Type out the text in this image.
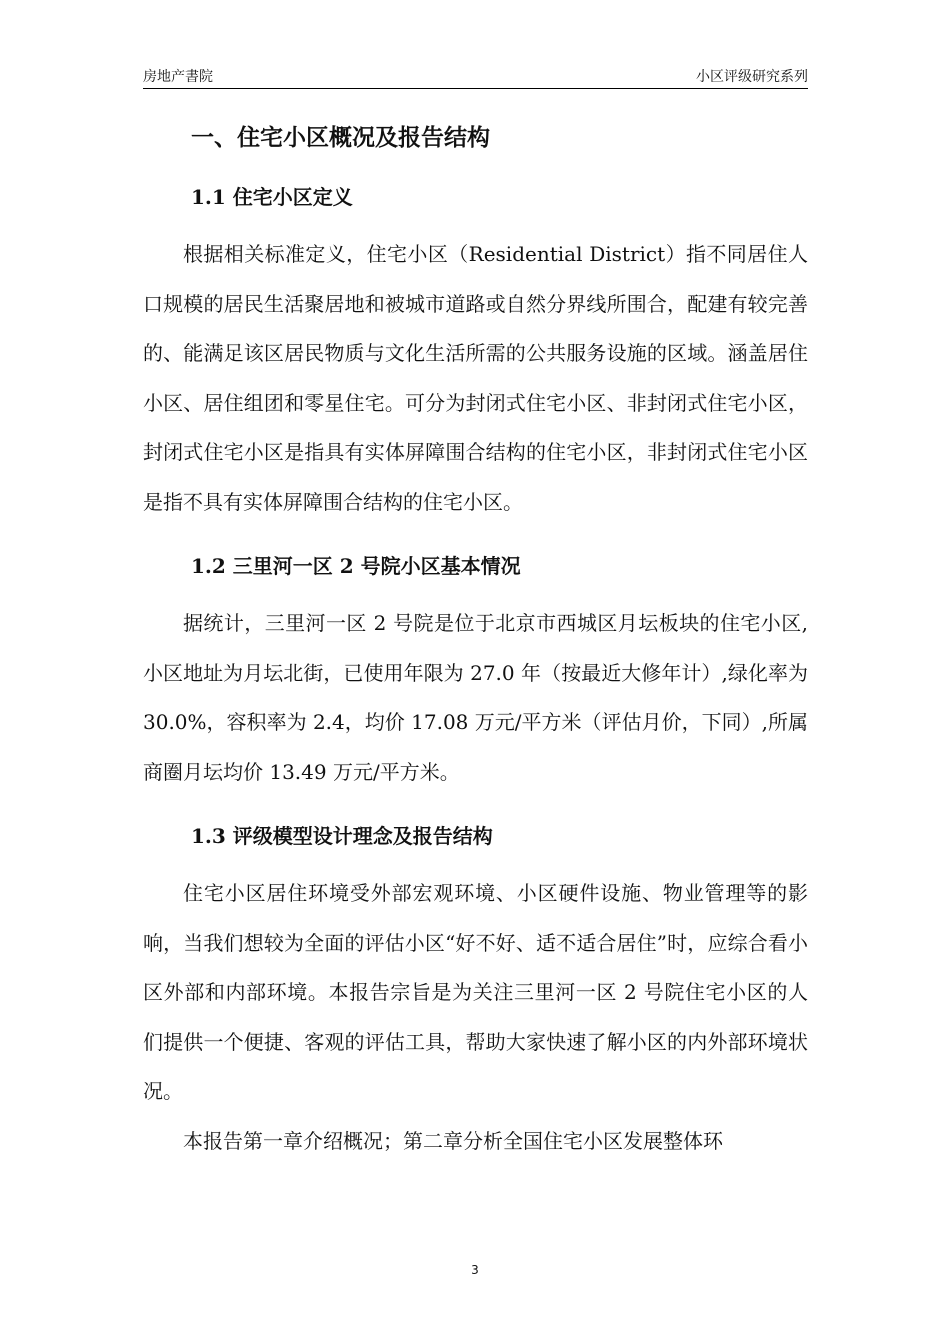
房地产書院	小区评级研究系列
一、住宅小区概况及报告结构
1.1 住宅小区定义

根据相关标准定义，住宅小区（Residential District）指不同居住人口规模的居民生活聚居地和被城市道路或自然分界线所围合，配建有较完善的、能满足该区居民物质与文化生活所需的公共服务设施的区域。涵盖居住小区、居住组团和零星住宅。可分为封闭式住宅小区、非封闭式住宅小区，封闭式住宅小区是指具有实体屏障围合结构的住宅小区，非封闭式住宅小区是指不具有实体屏障围合结构的住宅小区。

1.2 三里河一区 2 号院小区基本情况

据统计，三里河一区 2 号院是位于北京市西城区月坛板块的住宅小区,小区地址为月坛北街，已使用年限为 27.0 年（按最近大修年计）,绿化率为 30.0%，容积率为 2.4，均价 17.08 万元/平方米（评估月价，下同）,所属商圈月坛均价 13.49 万元/平方米。

1.3 评级模型设计理念及报告结构

住宅小区居住环境受外部宏观环境、小区硬件设施、物业管理等的影响，当我们想较为全面的评估小区“好不好、适不适合居住”时，应综合看小区外部和内部环境。本报告宗旨是为关注三里河一区 2 号院住宅小区的人们提供一个便捷、客观的评估工具，帮助大家快速了解小区的内外部环境状况。

本报告第一章介绍概况；第二章分析全国住宅小区发展整体环

3
